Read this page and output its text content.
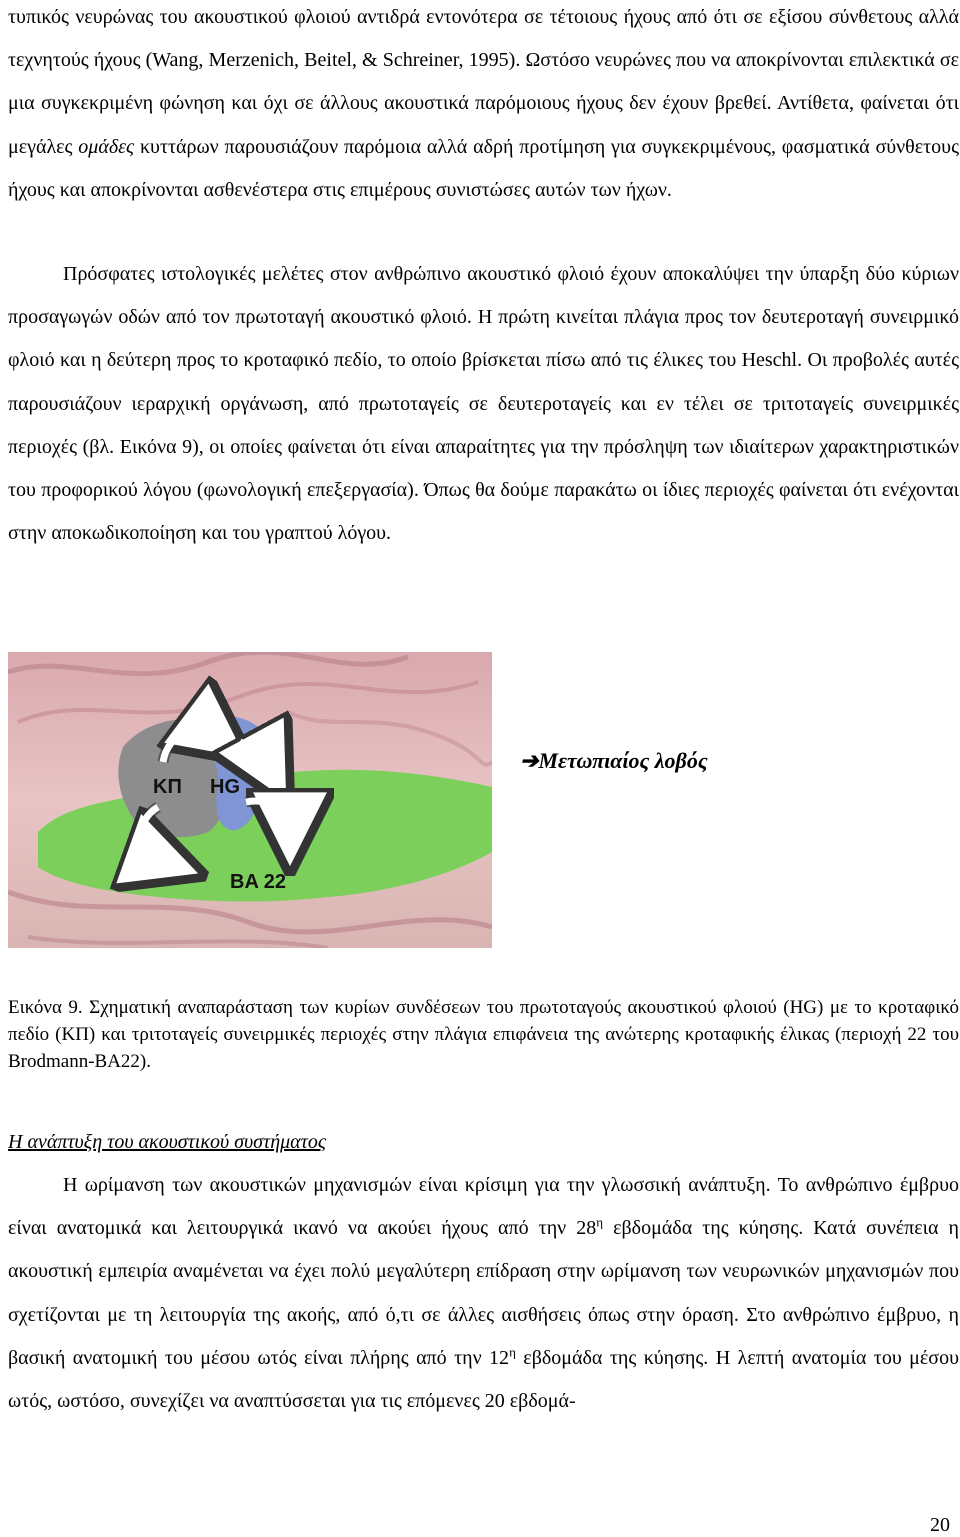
τυπικός νευρώνας του ακουστικού φλοιού αντιδρά εντονότερα σε τέτοιους ήχους από ότι σε εξίσου σύνθετους αλλά τεχνητούς ήχους (Wang, Merzenich, Beitel, & Schreiner, 1995). Ωστόσο νευρώνες που να αποκρίνονται επιλεκτικά σε μια συγκεκριμένη φώνηση και όχι σε άλλους ακουστικά παρόμοιους ήχους δεν έχουν βρεθεί. Αντίθετα, φαίνεται ότι μεγάλες ομάδες κυττάρων παρουσιάζουν παρόμοια αλλά αδρή προτίμηση για συγκεκριμένους, φασματικά σύνθετους ήχους και αποκρίνονται ασθενέστερα στις επιμέρους συνιστώσες αυτών των ήχων.

Πρόσφατες ιστολογικές μελέτες στον ανθρώπινο ακουστικό φλοιό έχουν αποκαλύψει την ύπαρξη δύο κύριων προσαγωγών οδών από τον πρωτοταγή ακουστικό φλοιό. Η πρώτη κινείται πλάγια προς τον δευτεροταγή συνειρμικό φλοιό και η δεύτερη προς το κροταφικό πεδίο, το οποίο βρίσκεται πίσω από τις έλικες του Heschl. Οι προβολές αυτές παρουσιάζουν ιεραρχική οργάνωση, από πρωτοταγείς σε δευτεροταγείς και εν τέλει σε τριτοταγείς συνειρμικές περιοχές (βλ. Εικόνα 9), οι οποίες φαίνεται ότι είναι απαραίτητες για την πρόσληψη των ιδιαίτερων χαρακτηριστικών του προφορικού λόγου (φωνολογική επεξεργασία). Όπως θα δούμε παρακάτω οι ίδιες περιοχές φαίνεται ότι ενέχονται στην αποκωδικοποίηση και του γραπτού λόγου.

ΚΠ HG
BA 22
➔Μετωπιαίος λοβός

Εικόνα 9. Σχηματική αναπαράσταση των κυρίων συνδέσεων του πρωτοταγούς ακουστικού φλοιού (HG) με το κροταφικό πεδίο (ΚΠ) και τριτοταγείς συνειρμικές περιοχές στην πλάγια επιφάνεια της ανώτερης κροταφικής έλικας (περιοχή 22 του Brodmann-BA22).

Η ανάπτυξη του ακουστικού συστήματος

Η ωρίμανση των ακουστικών μηχανισμών είναι κρίσιμη για την γλωσσική ανάπτυξη. Το ανθρώπινο έμβρυο είναι ανατομικά και λειτουργικά ικανό να ακούει ήχους από την $28^\eta$ εβδομάδα της κύησης. Κατά συνέπεια η ακουστική εμπειρία αναμένεται να έχει πολύ μεγαλύτερη επίδραση στην ωρίμανση των νευρωνικών μηχανισμών που σχετίζονται με τη λειτουργία της ακοής, από ό,τι σε άλλες αισθήσεις όπως στην όραση. Στο ανθρώπινο έμβρυο, η βασική ανατομική του μέσου ωτός είναι πλήρης από την $12^\eta$ εβδομάδα της κύησης. Η λεπτή ανατομία του μέσου ωτός, ωστόσο, συνεχίζει να αναπτύσσεται για τις επόμενες 20 εβδομά-

20
